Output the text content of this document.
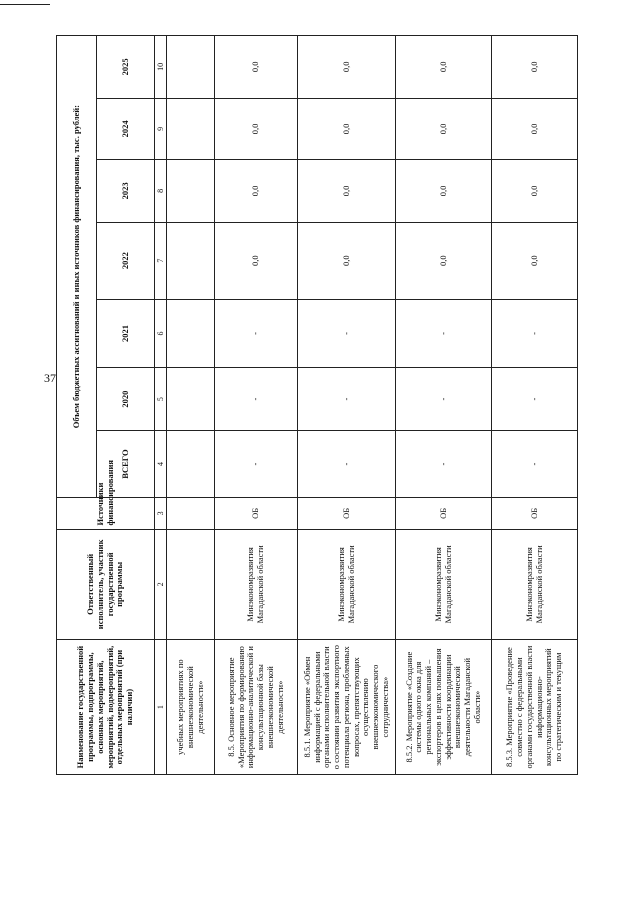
37
Наименование государственной программы, подпрограммы, основных мероприятий, мероприятий, подмероприятий, отдельных мероприятий (при наличии)	Ответственный исполнитель, участник государственной программы	Источники финансирования	Объем бюджетных ассигнований и иных источников финансирования, тыс. рублей:						
			ВСЕГО	2020	2021	2022	2023	2024	2025
1	2	3	4	5	6	7	8	9	10
учебных мероприятиях по внешнеэкономической деятельности»									
8.5. Основное мероприятие «Мероприятия по формированию информационно-аналитической и консультационной базы внешнеэкономической деятельности»	Минэкономразвития Магаданской области	ОБ	-	-	-	0,0	0,0	0,0	0,0
8.5.1. Мероприятие «Обмен информацией с федеральными органами исполнительной власти о состоянии развития экспортного потенциала региона, проблемных вопросах, препятствующих осуществлению внешнеэкономического сотрудничества»	Минэкономразвития Магаданской области	ОБ	-	-	-	0,0	0,0	0,0	0,0
8.5.2. Мероприятие «Создание системы одного окна для региональных компаний – экспортеров в целях повышения эффективности координации внешнеэкономической деятельности Магаданской области»	Минэкономразвития Магаданской области	ОБ	-	-	-	0,0	0,0	0,0	0,0
8.5.3. Мероприятие «Проведение совместно с федеральными органами государственной власти информационно-консультационных мероприятий по стратегическим и текущим	Минэкономразвития Магаданской области	ОБ	-	-	-	0,0	0,0	0,0	0,0
